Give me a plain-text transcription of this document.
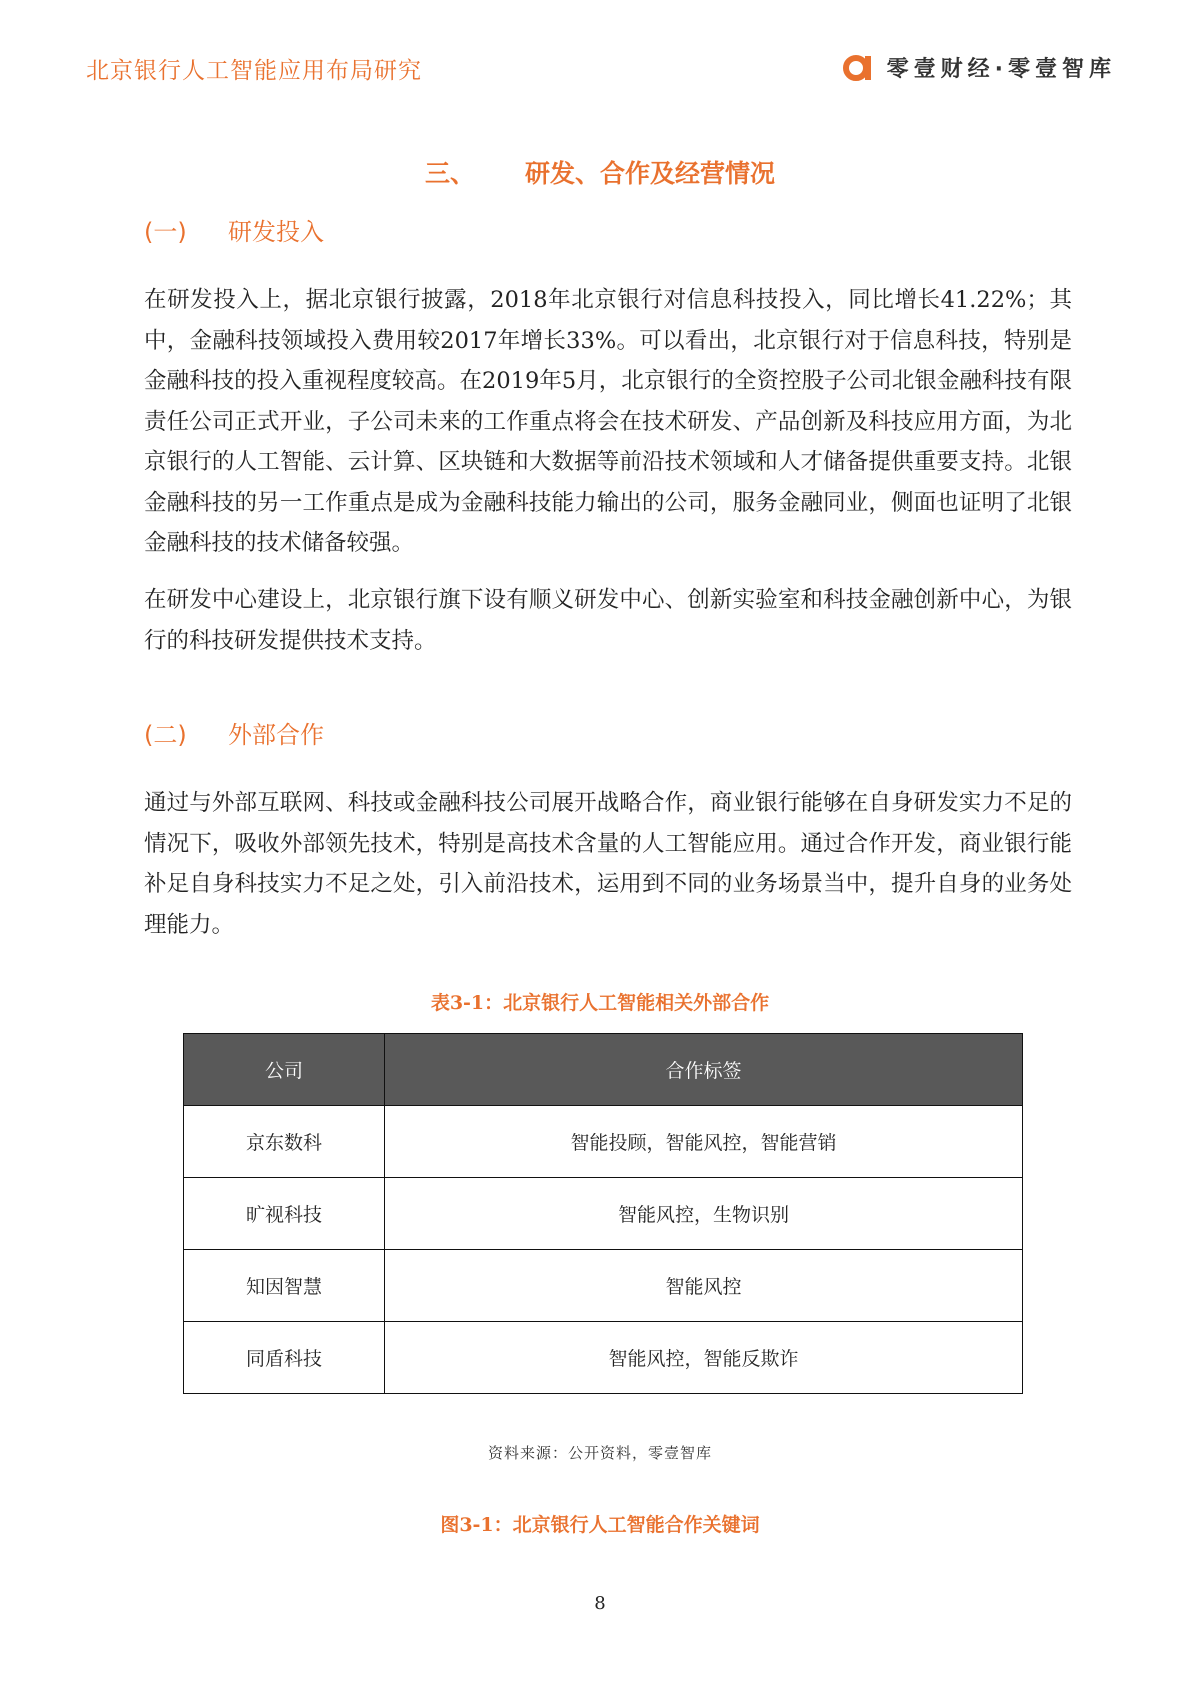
北京银行人工智能应用布局研究	零壹财经·零壹智库
三、 研发、合作及经营情况
(一) 研发投入

在研发投入上，据北京银行披露，2018年北京银行对信息科技投入，同比增长41.22%；其中，金融科技领域投入费用较2017年增长33%。可以看出，北京银行对于信息科技，特别是金融科技的投入重视程度较高。在2019年5月，北京银行的全资控股子公司北银金融科技有限责任公司正式开业，子公司未来的工作重点将会在技术研发、产品创新及科技应用方面，为北京银行的人工智能、云计算、区块链和大数据等前沿技术领域和人才储备提供重要支持。北银金融科技的另一工作重点是成为金融科技能力输出的公司，服务金融同业，侧面也证明了北银金融科技的技术储备较强。

在研发中心建设上，北京银行旗下设有顺义研发中心、创新实验室和科技金融创新中心，为银行的科技研发提供技术支持。

(二) 外部合作

通过与外部互联网、科技或金融科技公司展开战略合作，商业银行能够在自身研发实力不足的情况下，吸收外部领先技术，特别是高技术含量的人工智能应用。通过合作开发，商业银行能补足自身科技实力不足之处，引入前沿技术，运用到不同的业务场景当中，提升自身的业务处理能力。

表3-1：北京银行人工智能相关外部合作
公司	合作标签
京东数科	智能投顾，智能风控，智能营销
旷视科技	智能风控，生物识别
知因智慧	智能风控
同盾科技	智能风控，智能反欺诈
资料来源：公开资料，零壹智库
图3-1：北京银行人工智能合作关键词
8
